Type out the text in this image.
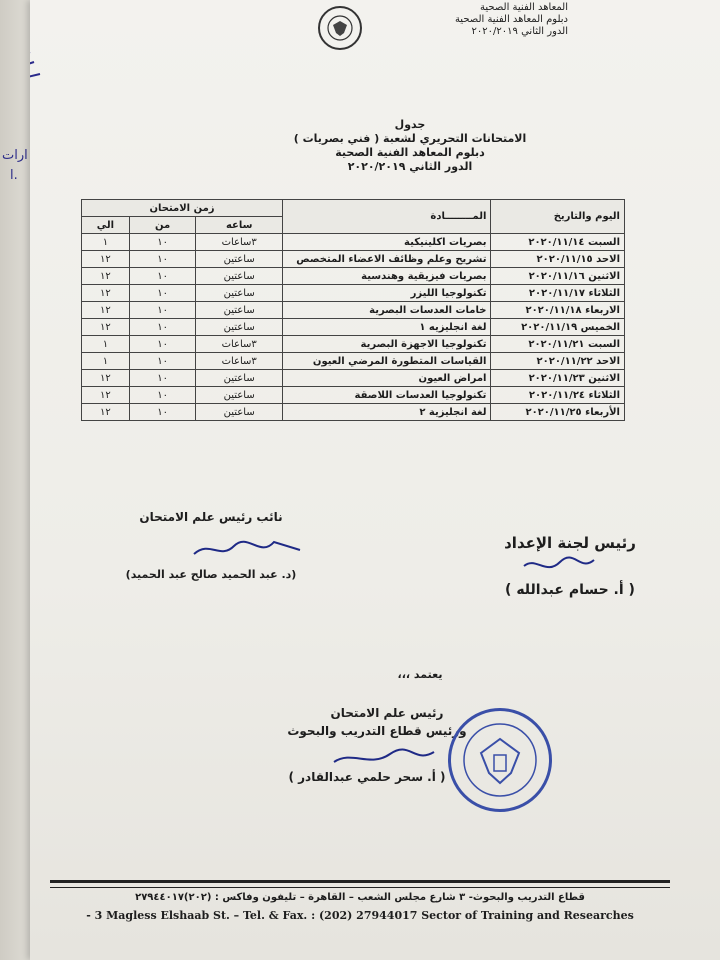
ارات
ا.
المعاهد الفنية الصحية
دبلوم المعاهد الفنية الصحية
الدور الثاني ٢٠٢٠/٢٠١٩
جدول
الامتحانات التحريري لشعبة ( فني بصريات )
دبلوم المعاهد الفنية الصحية
الدور الثاني ٢٠٢٠/٢٠١٩
اليوم والتاريخ	المــــــــادة	زمن الامتحان		
		ساعه	من	الي
السبت ٢٠٢٠/١١/١٤	بصريات اكلينيكية	٣ساعات	١٠	١
الاحد ٢٠٢٠/١١/١٥	تشريح وعلم وظائف الاعضاء المتخصص	ساعتين	١٠	١٢
الاثنين ٢٠٢٠/١١/١٦	بصريات فيزيقية وهندسية	ساعتين	١٠	١٢
الثلاثاء ٢٠٢٠/١١/١٧	تكنولوجيا الليزر	ساعتين	١٠	١٢
الاربعاء ٢٠٢٠/١١/١٨	خامات العدسات البصرية	ساعتين	١٠	١٢
الخميس ٢٠٢٠/١١/١٩	لغة انجليزيه ١	ساعتين	١٠	١٢
السبت ٢٠٢٠/١١/٢١	تكنولوجيا الاجهزة البصرية	٣ساعات	١٠	١
الاحد ٢٠٢٠/١١/٢٢	القياسات المتطورة المرضي العيون	٣ساعات	١٠	١
الاثنين ٢٠٢٠/١١/٢٣	امراض العيون	ساعتين	١٠	١٢
الثلاثاء ٢٠٢٠/١١/٢٤	تكنولوجيا العدسات اللاصقة	ساعتين	١٠	١٢
الأربعاء ٢٠٢٠/١١/٢٥	لغة انجليزية ٢	ساعتين	١٠	١٢
نائب رئيس علم الامتحان
(د. عبد الحميد صالح عبد الحميد)
رئيس لجنة الإعداد
( أ. حسام عبدالله )
يعتمد ،،،
رئيس علم الامتحان
ورئيس قطاع التدريب والبحوث
( أ. سحر حلمي عبدالقادر )
قطاع التدريب والبحوث- ٣ شارع مجلس الشعب – القاهرة – تليفون وفاكس : (٢٠٢)٢٧٩٤٤٠١٧
- 3 Magless Elshaab St. – Tel. & Fax. : (202) 27944017 Sector of Training and Researches
